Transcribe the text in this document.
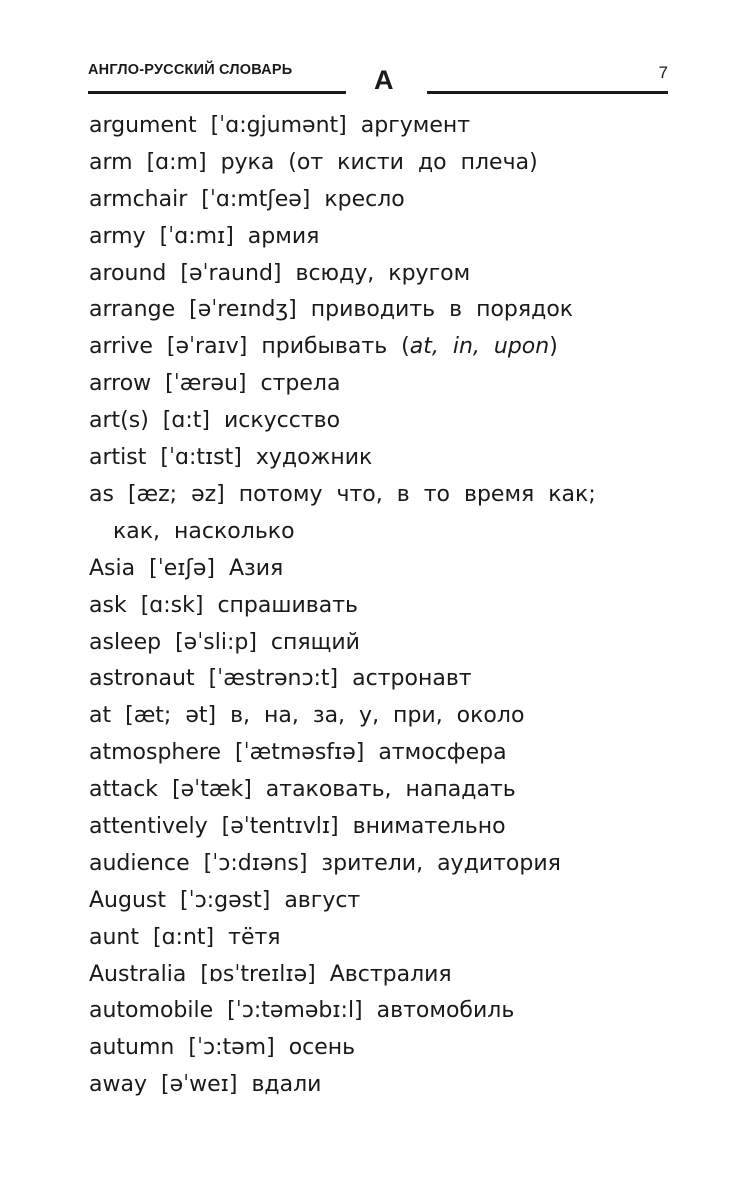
АНГЛО-РУССКИЙ СЛОВАРЬ	A	7
argument [ˈɑ:gjumənt] аргумент
arm [ɑ:m] рука (от кисти до плеча)
armchair [ˈɑ:mtʃeə] кресло
army [ˈɑ:mɪ] армия
around [əˈraund] всюду, кругом
arrange [əˈreɪndʒ] приводить в порядок
arrive [əˈraɪv] прибывать (at, in, upon)
arrow [ˈærəu] стрела
art(s) [ɑ:t] искусство
artist [ˈɑ:tɪst] художник
as [æz; əz] потому что, в то время как;
как, насколько
Asia [ˈeɪʃə] Азия
ask [ɑ:sk] спрашивать
asleep [əˈsli:p] спящий
astronaut [ˈæstrənɔ:t] астронавт
at [æt; ət] в, на, за, у, при, около
atmosphere [ˈætməsfɪə] атмосфера
attack [əˈtæk] атаковать, нападать
attentively [əˈtentɪvlɪ] внимательно
audience [ˈɔ:dɪəns] зрители, аудитория
August [ˈɔ:gəst] август
aunt [ɑ:nt] тётя
Australia [ɒsˈtreɪlɪə] Австралия
automobile [ˈɔ:təməbɪ:l] автомобиль
autumn [ˈɔ:təm] осень
away [əˈweɪ] вдали
